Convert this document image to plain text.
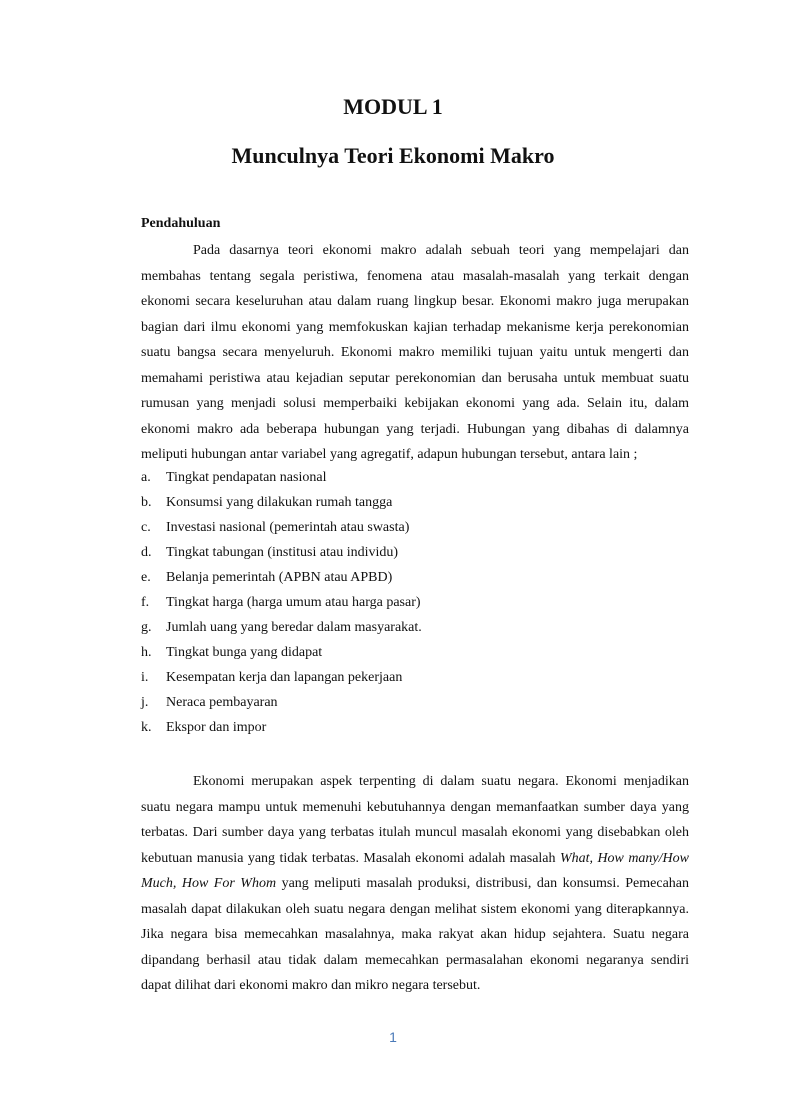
MODUL 1
Munculnya Teori Ekonomi Makro
Pendahuluan

Pada dasarnya teori ekonomi makro adalah sebuah teori yang mempelajari dan membahas tentang segala peristiwa, fenomena atau masalah-masalah yang terkait dengan ekonomi secara keseluruhan atau dalam ruang lingkup besar. Ekonomi makro juga merupakan bagian dari ilmu ekonomi yang memfokuskan kajian terhadap mekanisme kerja perekonomian suatu bangsa secara menyeluruh. Ekonomi makro memiliki tujuan yaitu untuk mengerti dan memahami peristiwa atau kejadian seputar perekonomian dan berusaha untuk membuat suatu rumusan yang menjadi solusi memperbaiki kebijakan ekonomi yang ada. Selain itu, dalam ekonomi makro ada beberapa hubungan yang terjadi. Hubungan yang dibahas di dalamnya meliputi hubungan antar variabel yang agregatif, adapun hubungan tersebut, antara lain ;

a.	Tingkat pendapatan nasional
b.	Konsumsi yang dilakukan rumah tangga
c.	Investasi nasional (pemerintah atau swasta)
d.	Tingkat tabungan (institusi atau individu)
e.	Belanja pemerintah (APBN atau APBD)
f.	Tingkat harga (harga umum atau harga pasar)
g.	Jumlah uang yang beredar dalam masyarakat.
h.	Tingkat bunga yang didapat
i.	Kesempatan kerja dan lapangan pekerjaan
j.	Neraca pembayaran
k.	Ekspor dan impor

Ekonomi merupakan aspek terpenting di dalam suatu negara. Ekonomi menjadikan suatu negara mampu untuk memenuhi kebutuhannya dengan memanfaatkan sumber daya yang terbatas. Dari sumber daya yang terbatas itulah muncul masalah ekonomi yang disebabkan oleh kebutuan manusia yang tidak terbatas. Masalah ekonomi adalah masalah What, How many/How Much, How For Whom yang meliputi masalah produksi, distribusi, dan konsumsi. Pemecahan masalah dapat dilakukan oleh suatu negara dengan melihat sistem ekonomi yang diterapkannya. Jika negara bisa memecahkan masalahnya, maka rakyat akan hidup sejahtera. Suatu negara dipandang berhasil atau tidak dalam memecahkan permasalahan ekonomi negaranya sendiri dapat dilihat dari ekonomi makro dan mikro negara tersebut.

1
